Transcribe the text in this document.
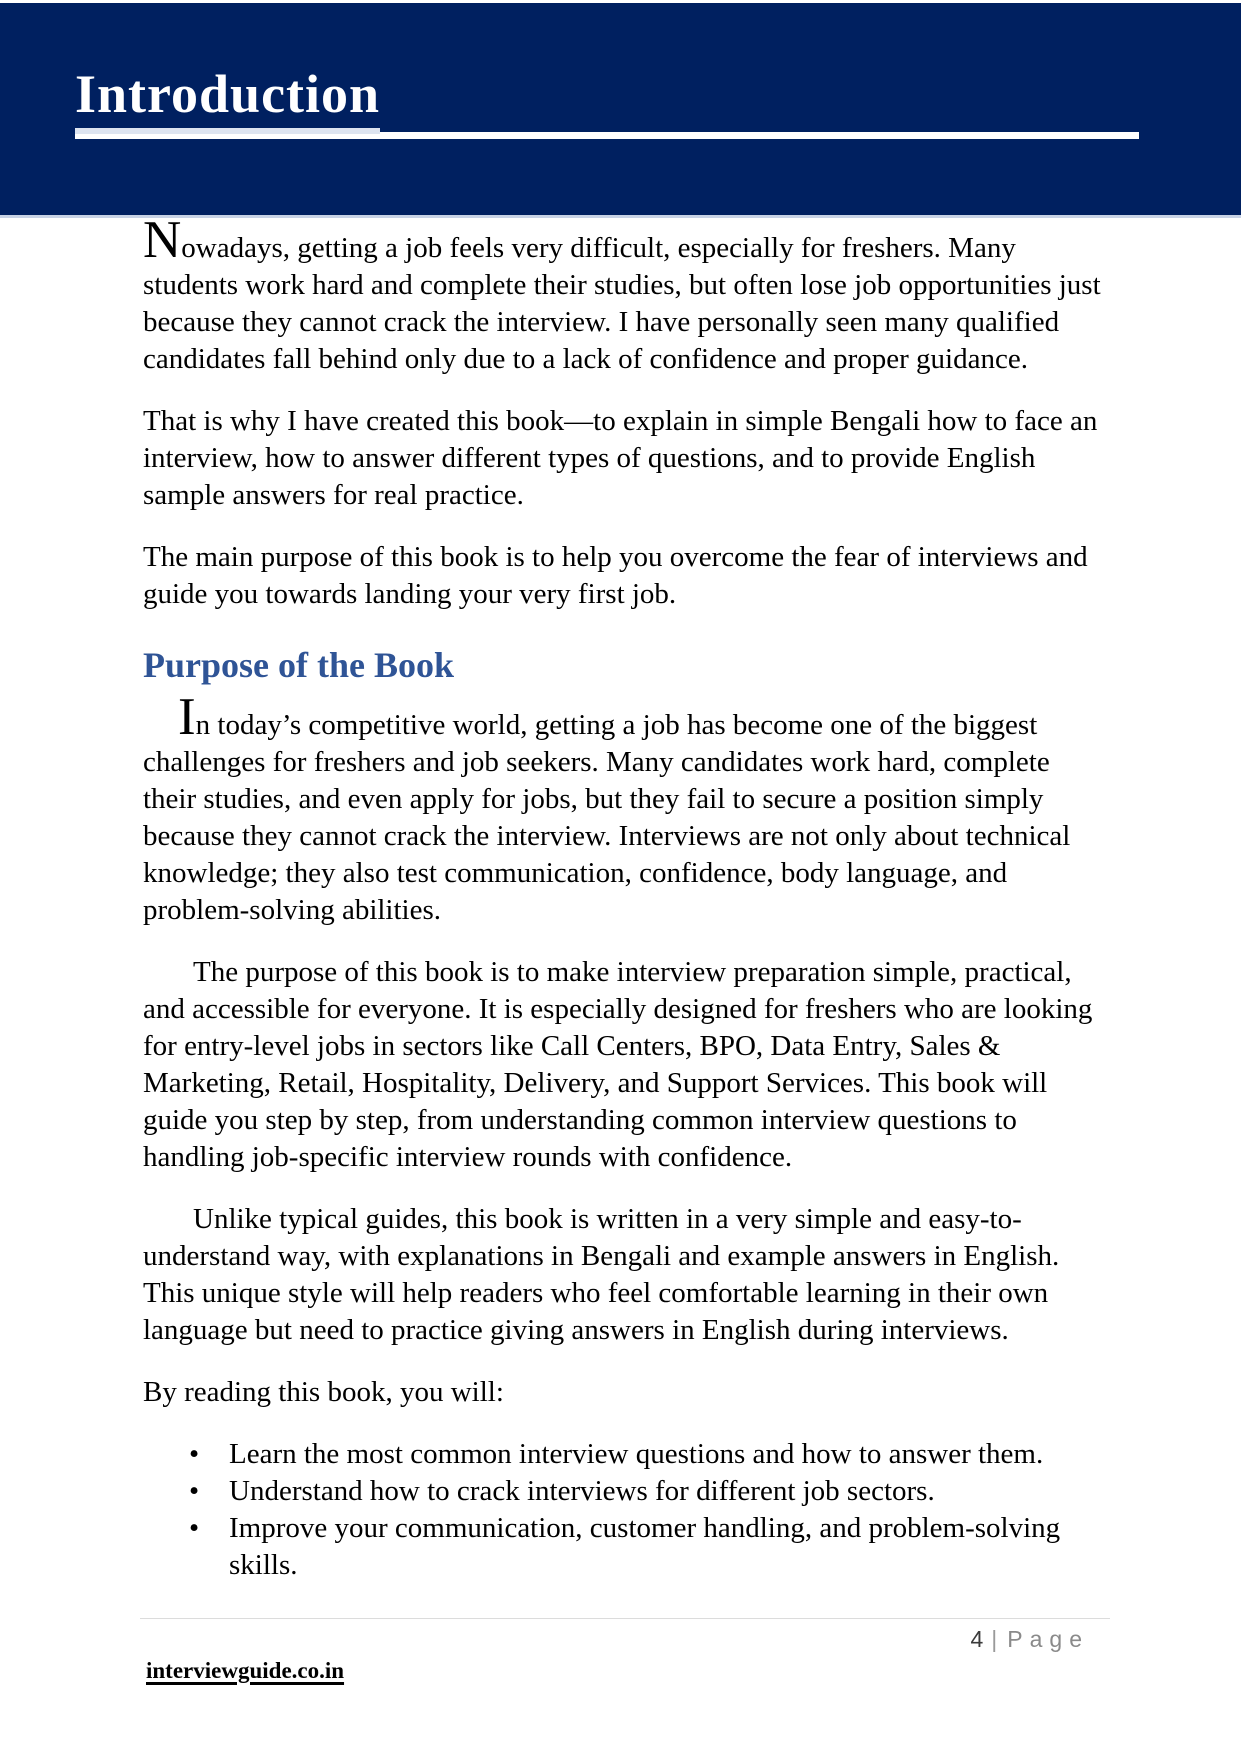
Introduction

Nowadays, getting a job feels very difficult, especially for freshers. Many students work hard and complete their studies, but often lose job opportunities just because they cannot crack the interview. I have personally seen many qualified candidates fall behind only due to a lack of confidence and proper guidance.

That is why I have created this book—to explain in simple Bengali how to face an interview, how to answer different types of questions, and to provide English sample answers for real practice.

The main purpose of this book is to help you overcome the fear of interviews and guide you towards landing your very first job.

Purpose of the Book

In today’s competitive world, getting a job has become one of the biggest challenges for freshers and job seekers. Many candidates work hard, complete their studies, and even apply for jobs, but they fail to secure a position simply because they cannot crack the interview. Interviews are not only about technical knowledge; they also test communication, confidence, body language, and problem-solving abilities.

The purpose of this book is to make interview preparation simple, practical, and accessible for everyone. It is especially designed for freshers who are looking for entry-level jobs in sectors like Call Centers, BPO, Data Entry, Sales & Marketing, Retail, Hospitality, Delivery, and Support Services. This book will guide you step by step, from understanding common interview questions to handling job-specific interview rounds with confidence.

Unlike typical guides, this book is written in a very simple and easy-to-understand way, with explanations in Bengali and example answers in English. This unique style will help readers who feel comfortable learning in their own language but need to practice giving answers in English during interviews.

By reading this book, you will:

• Learn the most common interview questions and how to answer them.
• Understand how to crack interviews for different job sectors.
• Improve your communication, customer handling, and problem-solving skills.
4 | Page
interviewguide.co.in
